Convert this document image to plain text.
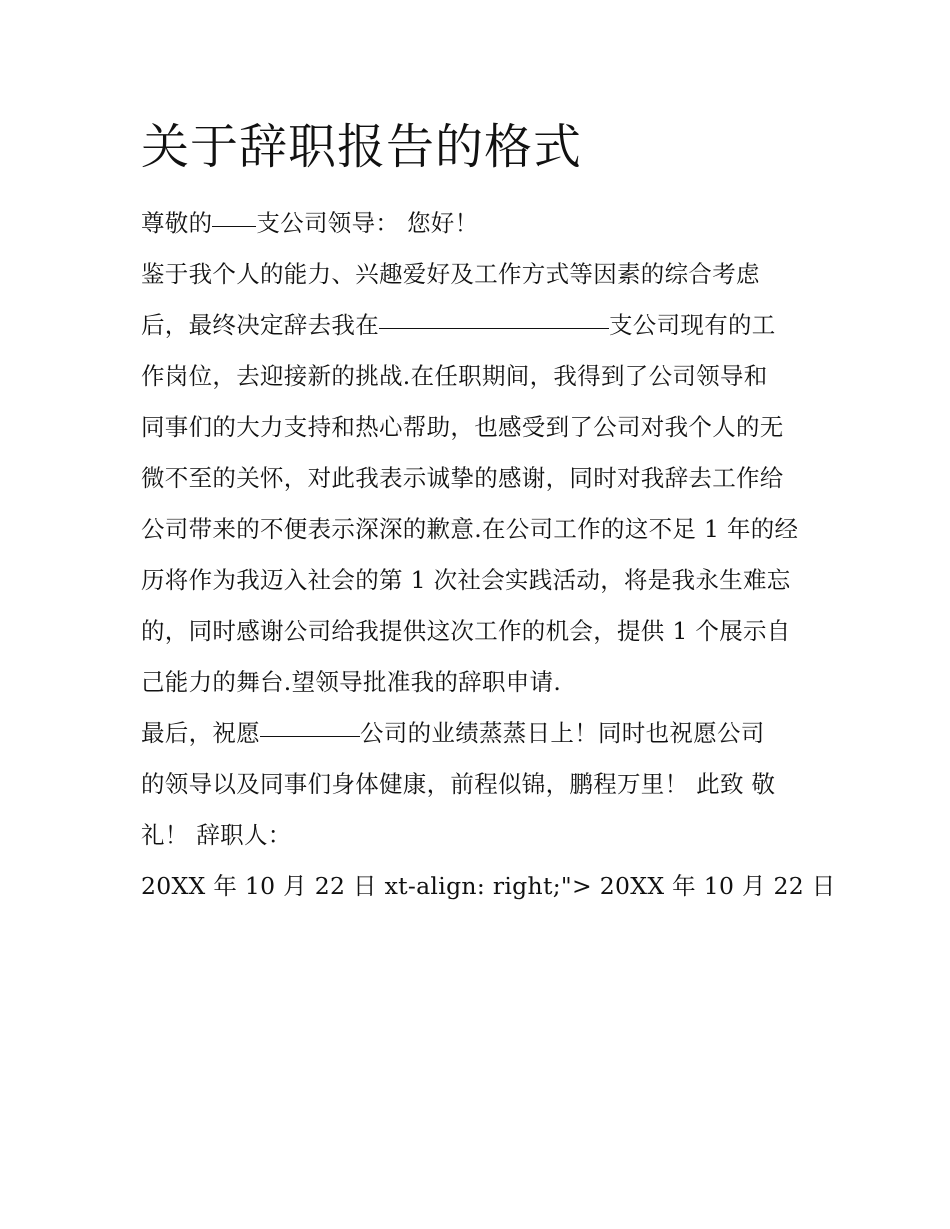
关于辞职报告的格式

尊敬的 支公司领导： 您好！

鉴于我个人的能力、兴趣爱好及工作方式等因素的综合考虑
后，最终决定辞去我在	支公司现有的工
作岗位，去迎接新的挑战.在任职期间，我得到了公司领导和
同事们的大力支持和热心帮助，也感受到了公司对我个人的无
微不至的关怀，对此我表示诚挚的感谢，同时对我辞去工作给
公司带来的不便表示深深的歉意.在公司工作的这不足 1 年的经
历将作为我迈入社会的第 1 次社会实践活动，将是我永生难忘
的，同时感谢公司给我提供这次工作的机会，提供 1 个展示自
己能力的舞台.望领导批准我的辞职申请.

最后，祝愿	公司的业绩蒸蒸日上！同时也祝愿公司
的领导以及同事们身体健康，前程似锦，鹏程万里！ 此致 敬
礼！ 辞职人：

20XX 年 10 月 22 日 xt-align: right;"> 20XX 年 10 月 22 日
